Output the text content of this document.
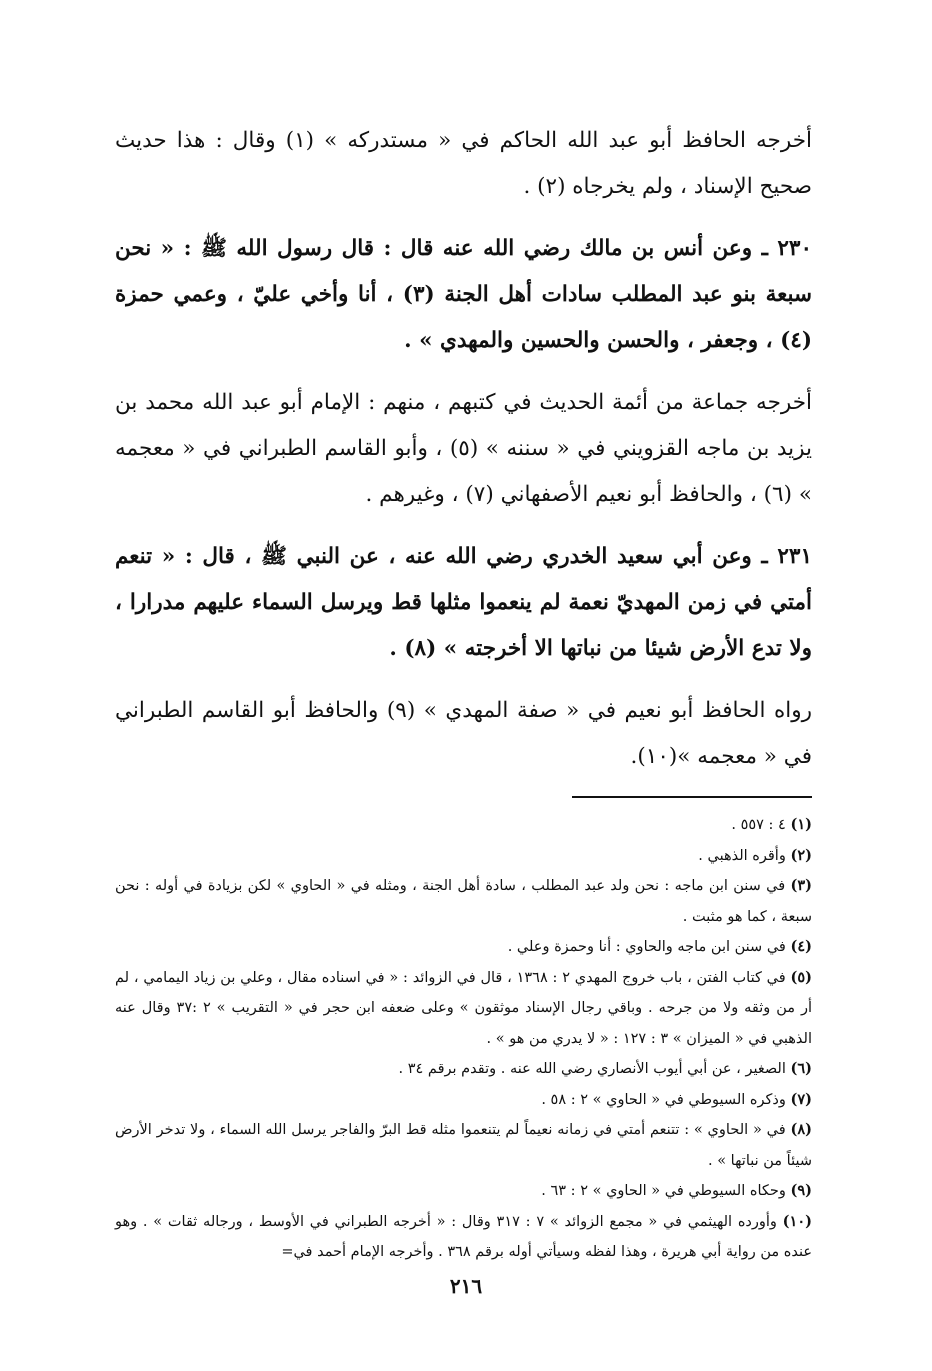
أخرجه الحافظ أبو عبد الله الحاكم في « مستدركه » (١) وقال : هذا حديث صحيح الإسناد ، ولم يخرجاه (٢) .

٢٣٠ ـ وعن أنس بن مالك رضي الله عنه قال : قال رسول الله ﷺ : « نحن سبعة بنو عبد المطلب سادات أهل الجنة (٣) ، أنا وأخي عليّ ، وعمي حمزة (٤) ، وجعفر ، والحسن والحسين والمهدي » .

أخرجه جماعة من أئمة الحديث في كتبهم ، منهم : الإمام أبو عبد الله محمد بن يزيد بن ماجه القزويني في « سننه » (٥) ، وأبو القاسم الطبراني في « معجمه » (٦) ، والحافظ أبو نعيم الأصفهاني (٧) ، وغيرهم .

٢٣١ ـ وعن أبي سعيد الخدري رضي الله عنه ، عن النبي ﷺ ، قال : « تنعم أمتي في زمن المهديّ نعمة لم ينعموا مثلها قط ويرسل السماء عليهم مدرارا ، ولا تدع الأرض شيئا من نباتها الا أخرجته » (٨) .

رواه الحافظ أبو نعيم في « صفة المهدي » (٩) والحافظ أبو القاسم الطبراني في « معجمه »(١٠).

(١) ٤ : ٥٥٧ .

(٢) وأقره الذهبي .

(٣) في سنن ابن ماجه : نحن ولد عبد المطلب ، سادة أهل الجنة ، ومثله في « الحاوي » لكن بزيادة في أوله : نحن سبعة ، كما هو مثبت .

(٤) في سنن ابن ماجه والحاوي : أنا وحمزة وعلي .

(٥) في كتاب الفتن ، باب خروج المهدي ٢ : ١٣٦٨ ، قال في الزوائد : « في اسناده مقال ، وعلي بن زياد اليمامي ، لم أر من وثقه ولا من جرحه . وباقي رجال الإسناد موثقون » وعلى ضعفه ابن حجر في « التقريب » ٢ :٣٧ وقال عنه الذهبي في « الميزان » ٣ : ١٢٧ : « لا يدري من هو » .

(٦) الصغير ، عن أبي أيوب الأنصاري رضي الله عنه . وتقدم برقم ٣٤ .

(٧) وذكره السيوطي في « الحاوي » ٢ : ٥٨ .

(٨) في « الحاوي » : تتنعم أمتي في زمانه نعيماً لم يتنعموا مثله قط البرّ والفاجر يرسل الله السماء ، ولا تدخر الأرض شيئاً من نباتها » .

(٩) وحكاه السيوطي في « الحاوي » ٢ : ٦٣ .

(١٠) وأورده الهيثمي في « مجمع الزوائد » ٧ : ٣١٧ وقال : « أخرجه الطبراني في الأوسط ، ورجاله ثقات » . وهو عنده من رواية أبي هريرة ، وهذا لفظه وسيأتي أوله برقم ٣٦٨ . وأخرجه الإمام أحمد في=

٢١٦
